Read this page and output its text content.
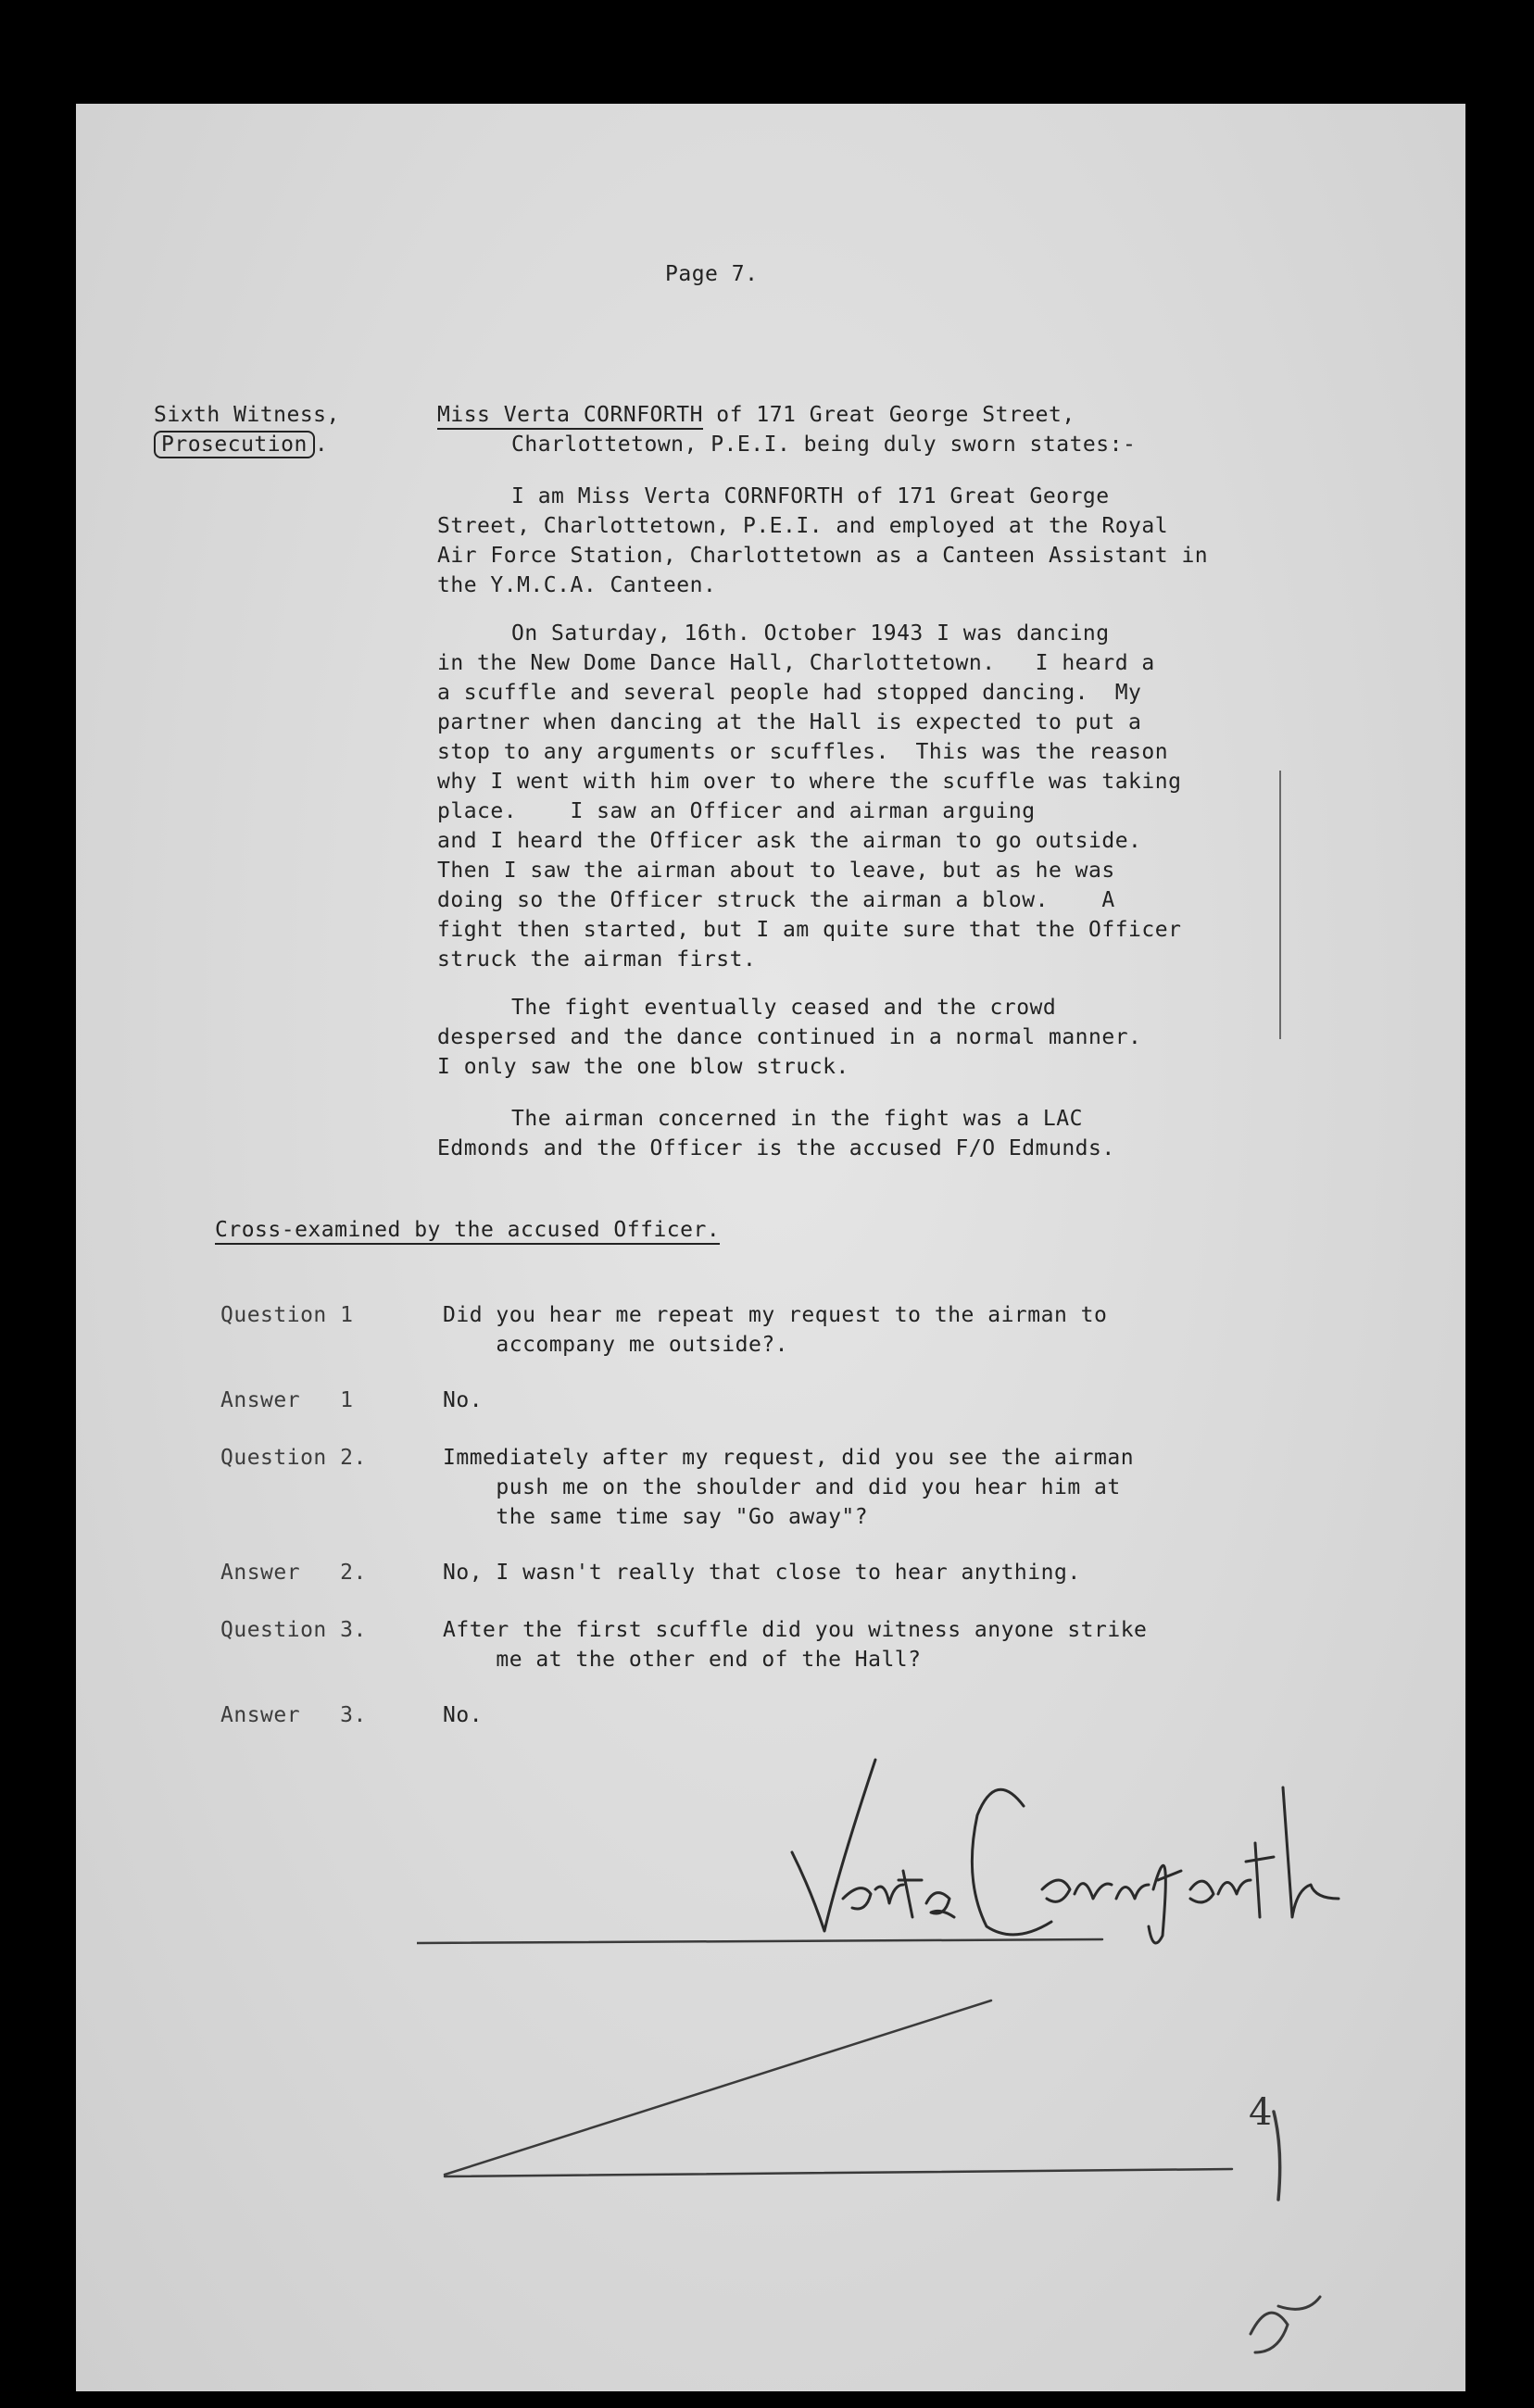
Page 7.
Sixth Witness,
Prosecution .
Miss Verta CORNFORTH of 171 Great George Street,
Charlottetown, P.E.I. being duly sworn states:-
I am Miss Verta CORNFORTH of 171 Great George
Street, Charlottetown, P.E.I. and employed at the Royal
Air Force Station, Charlottetown as a Canteen Assistant in
the Y.M.C.A. Canteen.
On Saturday, 16th. October 1943 I was dancing
in the New Dome Dance Hall, Charlottetown.   I heard a
a scuffle and several people had stopped dancing.  My
partner when dancing at the Hall is expected to put a
stop to any arguments or scuffles.  This was the reason
why I went with him over to where the scuffle was taking
place.    I saw an Officer and airman arguing
and I heard the Officer ask the airman to go outside.
Then I saw the airman about to leave, but as he was
doing so the Officer struck the airman a blow.    A
fight then started, but I am quite sure that the Officer
struck the airman first.
The fight eventually ceased and the crowd
despersed and the dance continued in a normal manner.
I only saw the one blow struck.
The airman concerned in the fight was a LAC
Edmonds and the Officer is the accused F/O Edmunds.
Cross-examined by the accused Officer.
Question 1	Did you hear me repeat my request to the airman to
accompany me outside?.
Answer   1	No.
Question 2.	Immediately after my request, did you see the airman
push me on the shoulder and did you hear him at
the same time say "Go away"?
Answer   2.	No, I wasn't really that close to hear anything.
Question 3.	After the first scuffle did you witness anyone strike
me at the other end of the Hall?
Answer   3.	No.
4
